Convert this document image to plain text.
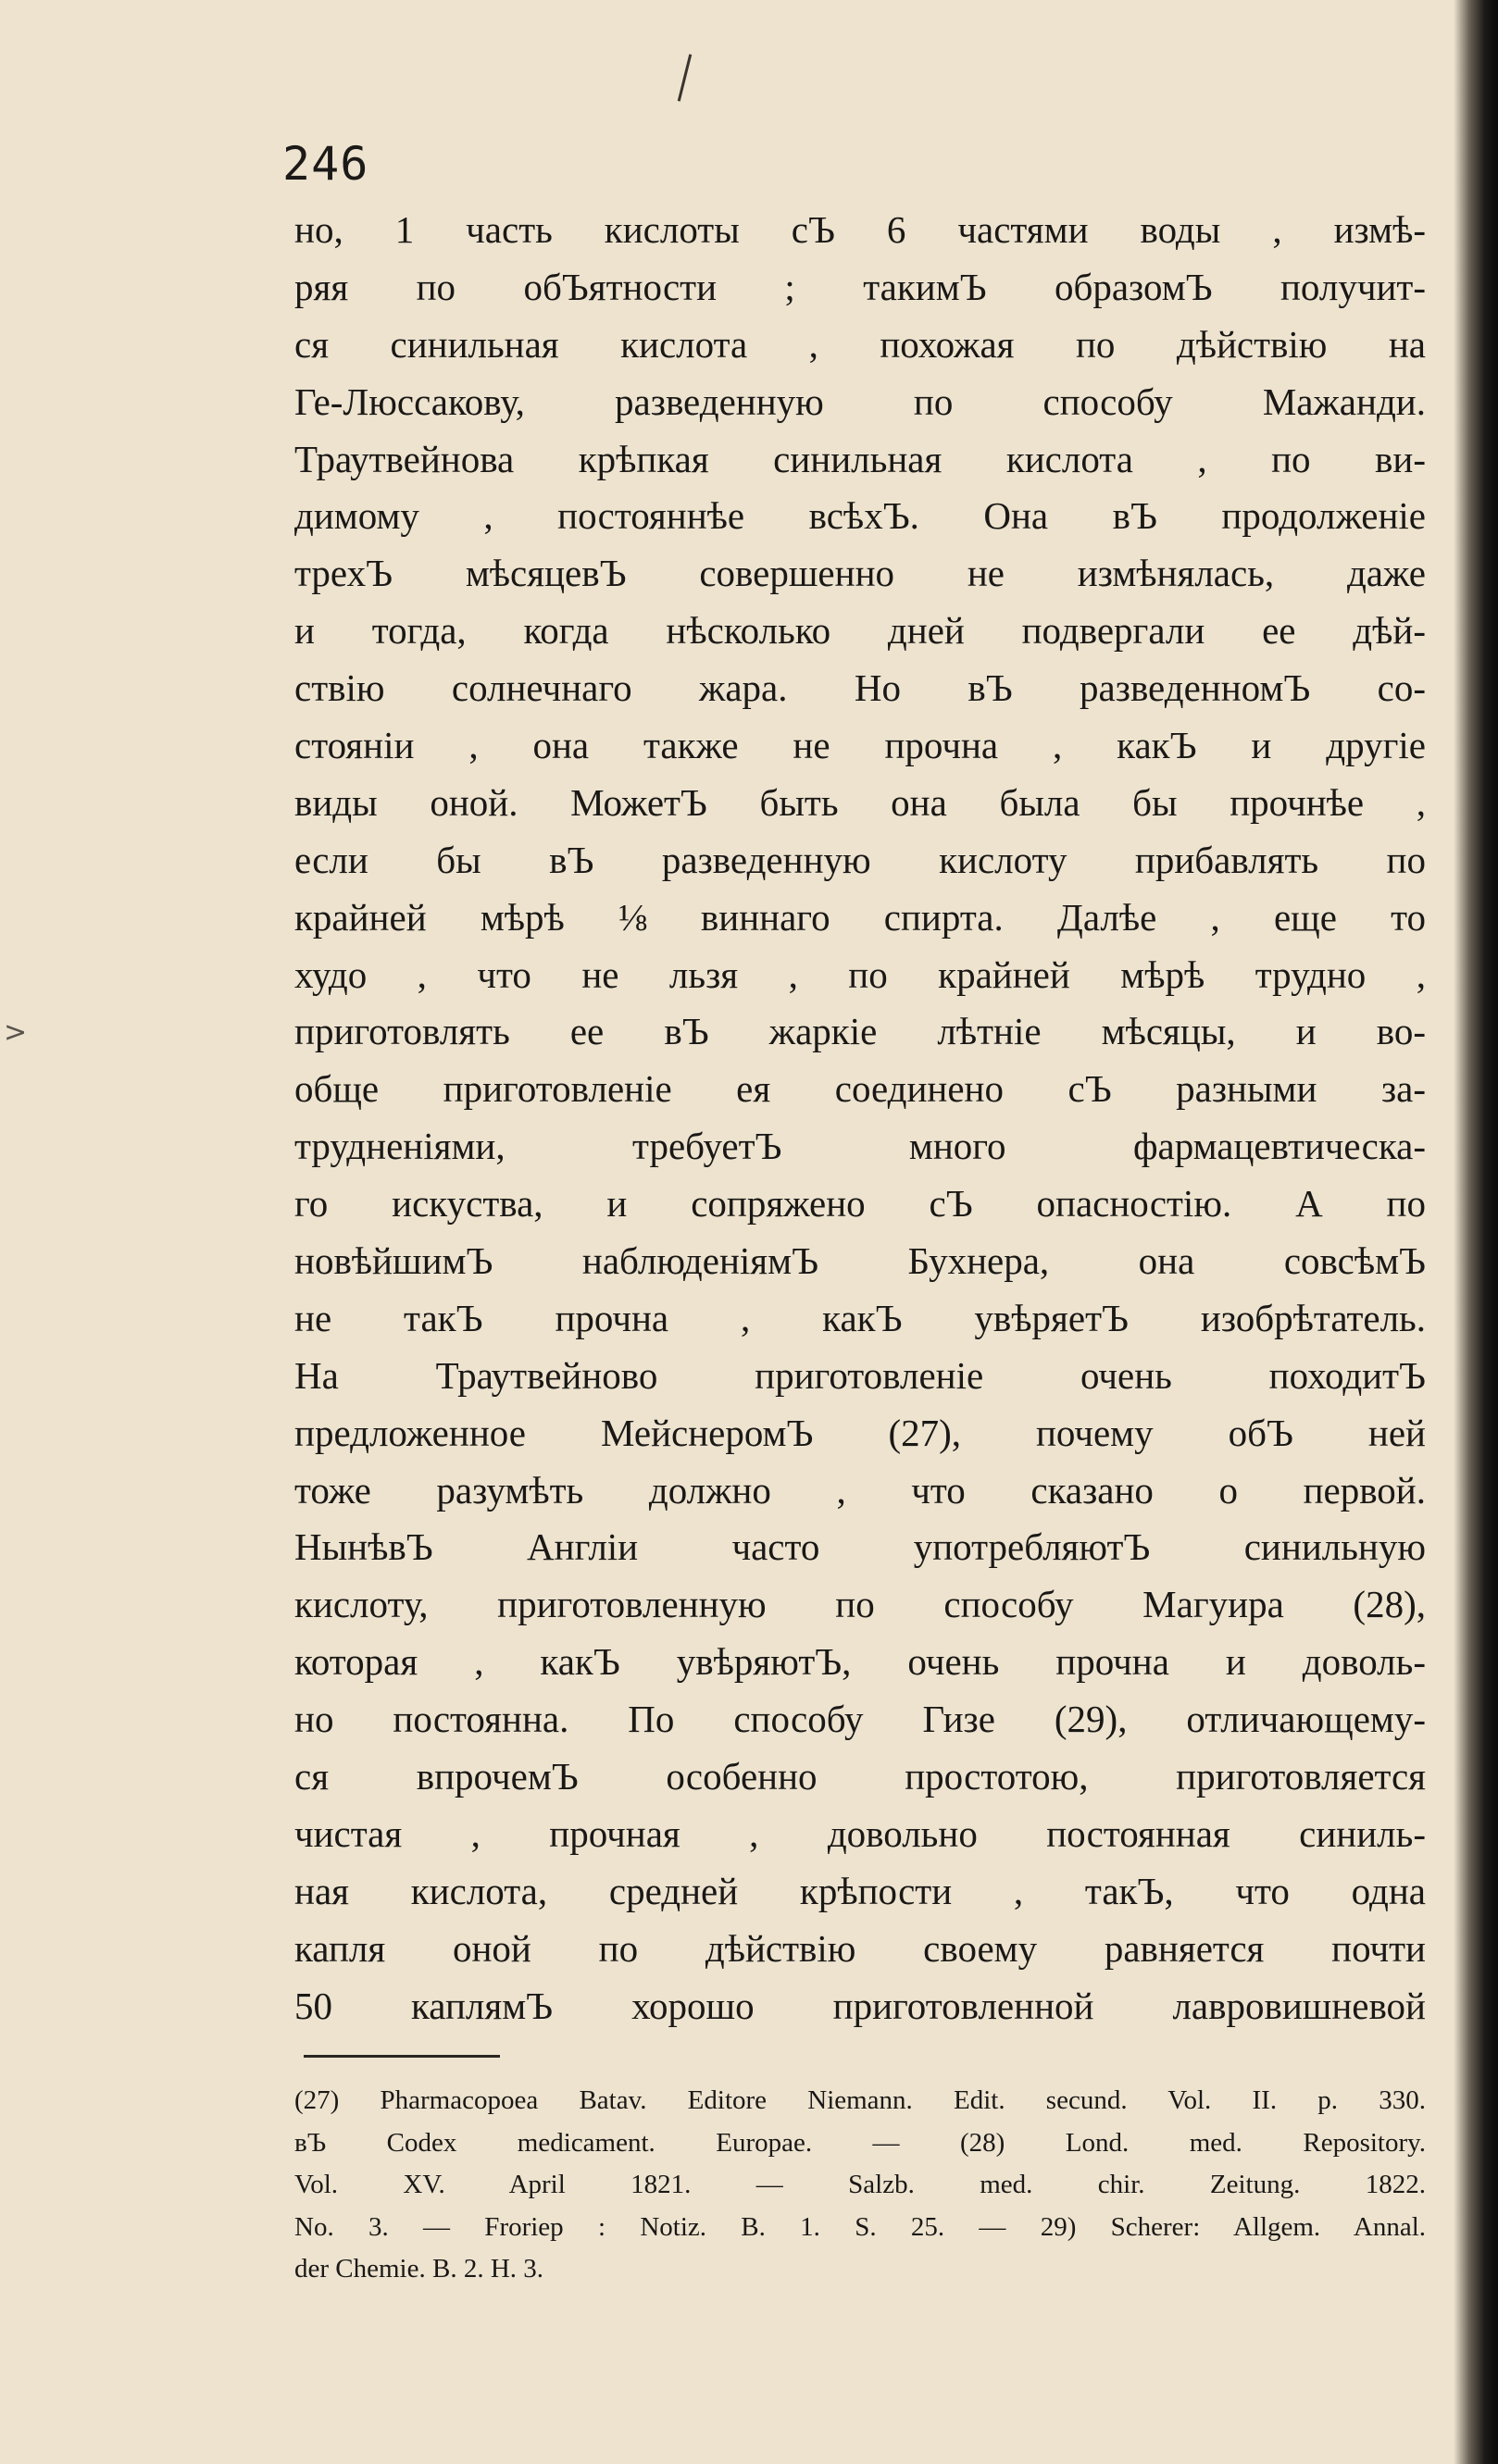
246
>
но, 1 часть кислоты сЪ 6 частями воды , измѣ-
ряя по обЪятности ; такимЪ образомЪ получит-
ся синильная кислота , похожая по дѣйствію на
Ге-Люссакову, разведенную по способу Мажанди.
Траутвейнова крѣпкая синильная кислота , по ви-
димому , постояннѣе всѣхЪ. Она вЪ продолженіе
трехЪ мѣсяцевЪ совершенно не измѣнялась, даже
и тогда, когда нѣсколько дней подвергали ее дѣй-
ствію солнечнаго жара. Но вЪ разведенномЪ со-
стояніи , она также не прочна , какЪ и другіе
виды оной. МожетЪ быть она была бы прочнѣе ,
если бы вЪ разведенную кислоту прибавлять по
крайней мѣрѣ ⅛ виннаго спирта. Далѣе , еще то
худо , что не льзя , по крайней мѣрѣ трудно ,
приготовлять ее вЪ жаркіе лѣтніе мѣсяцы, и во-
обще приготовленіе ея соединено сЪ разными за-
трудненіями, требуетЪ много фармацевтическа-
го искуства, и сопряжено сЪ опасностію. А по
новѣйшимЪ наблюденіямЪ Бухнера, она совсѣмЪ
не такЪ прочна , какЪ увѣряетЪ изобрѣтатель.
На Траутвейново приготовленіе очень походитЪ
предложенное МейснеромЪ (27), почему обЪ ней
тоже разумѣть должно , что сказано о первой.
НынѣвЪ Англіи часто употребляютЪ синильную
кислоту, приготовленную по способу Магуира (28),
которая , какЪ увѣряютЪ, очень прочна и доволь-
но постоянна. По способу Гизе (29), отличающему-
ся впрочемЪ особенно простотою, приготовляется
чистая , прочная , довольно постоянная синиль-
ная кислота, средней крѣпости , такЪ, что одна
капля оной по дѣйствію своему равняется почти
50 каплямЪ хорошо приготовленной лавровишневой
(27) Pharmacopoea Batav. Editore Niemann. Edit. secund. Vol. II. p. 330.
вЪ Codex medicament. Europae. — (28) Lond. med. Repository.
Vol. XV. April 1821. — Salzb. med. chir. Zeitung. 1822.
No. 3. — Froriep : Notiz. B. 1. S. 25. — 29) Scherer: Allgem. Annal.
der Chemie. B. 2. H. 3.
